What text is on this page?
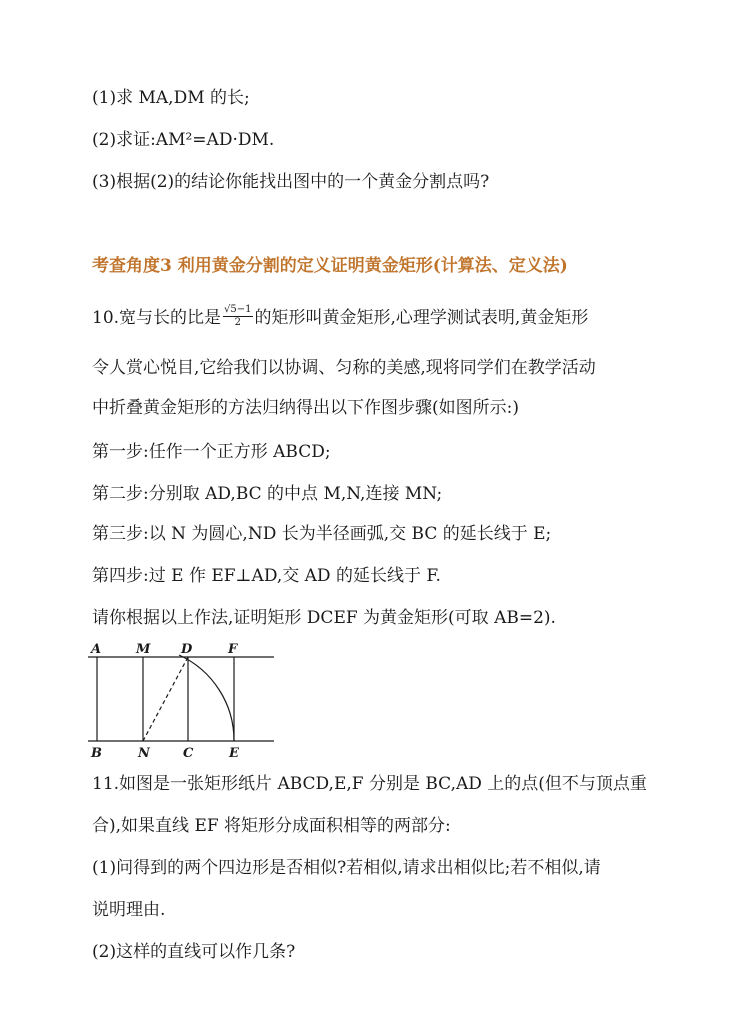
(1)求 MA,DM 的长;
(2)求证:AM²=AD·DM.
(3)根据(2)的结论你能找出图中的一个黄金分割点吗?
考查角度3 利用黄金分割的定义证明黄金矩形(计算法、定义法)
10.宽与长的比是 $\frac{√5-1}{2}$ 的矩形叫黄金矩形,心理学测试表明,黄金矩形
令人赏心悦目,它给我们以协调、匀称的美感,现将同学们在教学活动
中折叠黄金矩形的方法归纳得出以下作图步骤(如图所示:)
第一步:任作一个正方形 ABCD;
第二步:分别取 AD,BC 的中点 M,N,连接 MN;
第三步:以 N 为圆心,ND 长为半径画弧,交 BC 的延长线于 E;
第四步:过 E 作 EF⊥AD,交 AD 的延长线于 F.
请你根据以上作法,证明矩形 DCEF 为黄金矩形(可取 AB=2).
A	M D	F
B	N	C	E
11.如图是一张矩形纸片 ABCD,E,F 分别是 BC,AD 上的点(但不与顶点重
合),如果直线 EF 将矩形分成面积相等的两部分:
(1)问得到的两个四边形是否相似?若相似,请求出相似比;若不相似,请
说明理由.
(2)这样的直线可以作几条?
